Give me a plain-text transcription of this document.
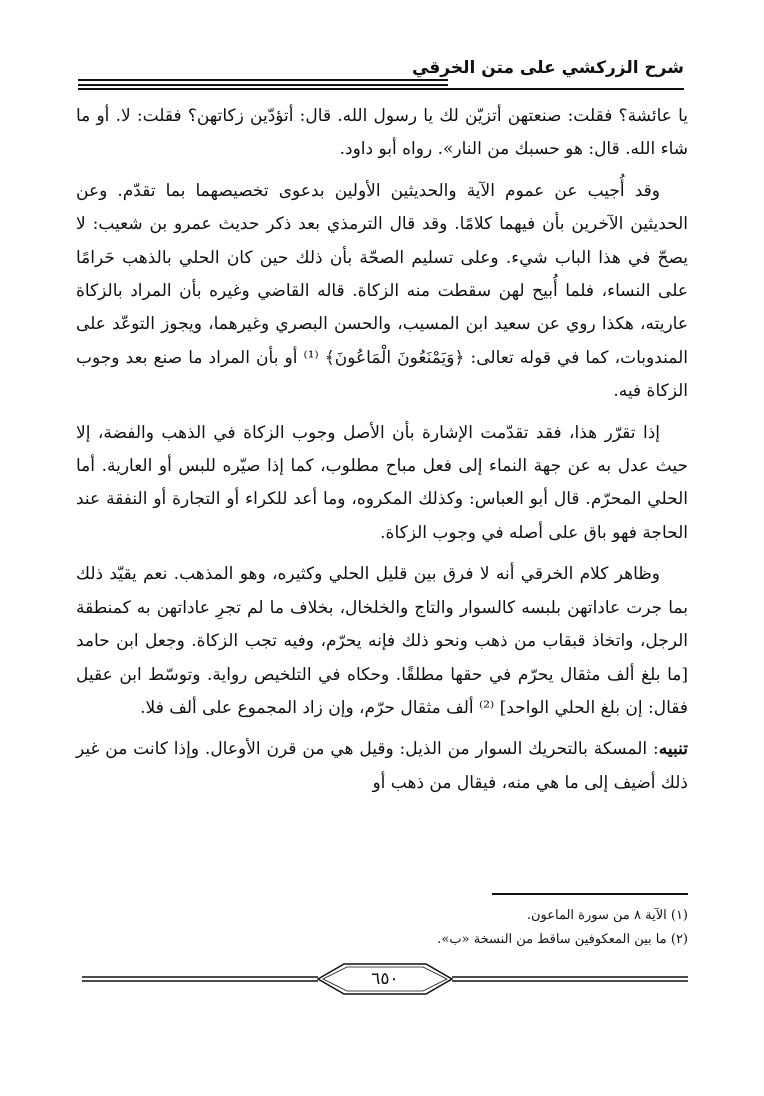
شرح الزركشي على متن الخرقي

يا عائشة؟ فقلت: صنعتهن أتزيّن لك يا رسول الله. قال: أتؤدّين زكاتهن؟ فقلت: لا. أو ما شاء الله. قال: هو حسبك من النار». رواه أبو داود.

وقد أُجيب عن عموم الآية والحديثين الأولين بدعوى تخصيصهما بما تقدّم. وعن الحديثين الآخرين بأن فيهما كلامًا. وقد قال الترمذي بعد ذكر حديث عمرو بن شعيب: لا يصحّ في هذا الباب شيء. وعلى تسليم الصحّة بأن ذلك حين كان الحلي بالذهب حَرامًا على النساء، فلما أُبيح لهن سقطت منه الزكاة. قاله القاضي وغيره بأن المراد بالزكاة عاريته، هكذا روي عن سعيد ابن المسيب، والحسن البصري وغيرهما، ويجوز التوعّد على المندوبات، كما في قوله تعالى: ﴿وَيَمْنَعُونَ الْمَاعُونَ﴾ ⁽¹⁾ أو بأن المراد ما صنع بعد وجوب الزكاة فيه.

إذا تقرّر هذا، فقد تقدّمت الإشارة بأن الأصل وجوب الزكاة في الذهب والفضة، إلا حيث عدل به عن جهة النماء إلى فعل مباح مطلوب، كما إذا صيّره للبس أو العارية. أما الحلي المحرّم. قال أبو العباس: وكذلك المكروه، وما أعد للكراء أو التجارة أو النفقة عند الحاجة فهو باق على أصله في وجوب الزكاة.

وظاهر كلام الخرقي أنه لا فرق بين قليل الحلي وكثيره، وهو المذهب. نعم يقيّد ذلك بما جرت عاداتهن بلبسه كالسوار والتاج والخلخال، بخلاف ما لم تجرِ عاداتهن به كمنطقة الرجل، واتخاذ قبقاب من ذهب ونحو ذلك فإنه يحرّم، وفيه تجب الزكاة. وجعل ابن حامد [ما بلغ ألف مثقال يحرّم في حقها مطلقًا. وحكاه في التلخيص رواية. وتوسّط ابن عقيل فقال: إن بلغ الحلي الواحد] ⁽²⁾ ألف مثقال حرّم، وإن زاد المجموع على ألف فلا.

تنبيه: المسكة بالتحريك السوار من الذيل: وقيل هي من قرن الأوعال. وإذا كانت من غير ذلك أضيف إلى ما هي منه، فيقال من ذهب أو

(١) الآية ٨ من سورة الماعون.
(٢) ما بين المعكوفين ساقط من النسخة «ب».
٦٥٠
